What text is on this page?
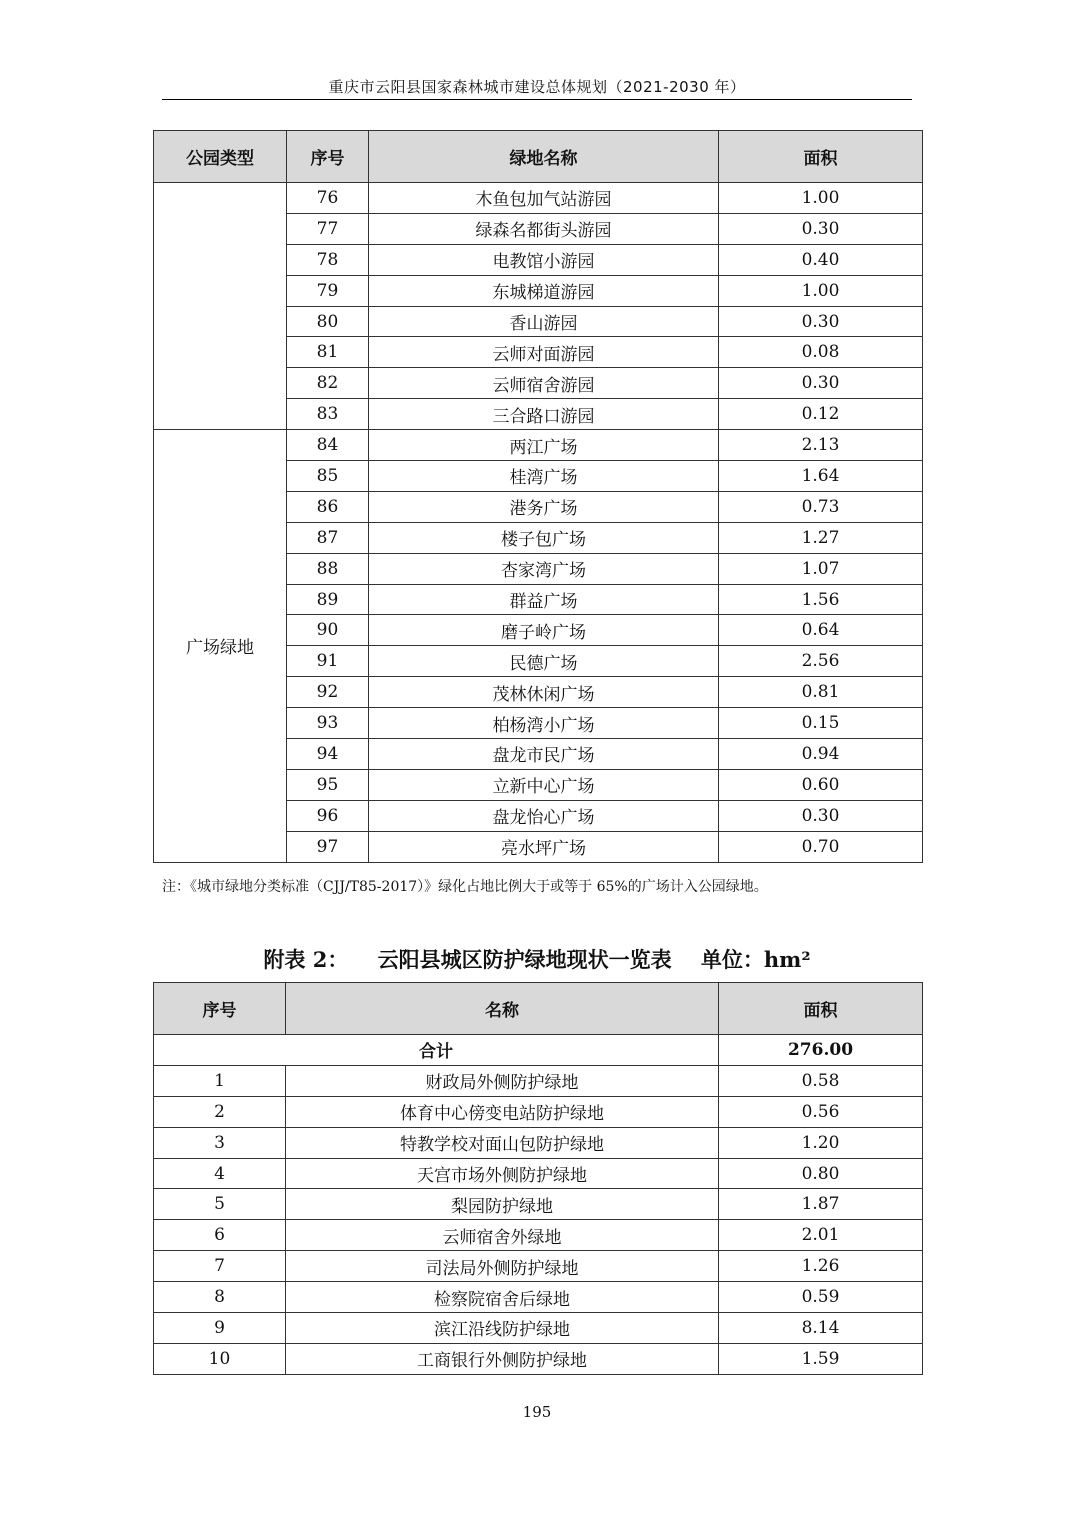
重庆市云阳县国家森林城市建设总体规划（2021-2030 年）
公园类型	序号	绿地名称	面积
	76	木鱼包加气站游园	1.00
	77	绿森名都街头游园	0.30
	78	电教馆小游园	0.40
	79	东城梯道游园	1.00
	80	香山游园	0.30
	81	云师对面游园	0.08
	82	云师宿舍游园	0.30
	83	三合路口游园	0.12
广场绿地	84	两江广场	2.13
	85	桂湾广场	1.64
	86	港务广场	0.73
	87	楼子包广场	1.27
	88	杏家湾广场	1.07
	89	群益广场	1.56
	90	磨子岭广场	0.64
	91	民德广场	2.56
	92	茂林休闲广场	0.81
	93	柏杨湾小广场	0.15
	94	盘龙市民广场	0.94
	95	立新中心广场	0.60
	96	盘龙怡心广场	0.30
	97	亮水坪广场	0.70
注：《城市绿地分类标准（CJJ/T85-2017）》绿化占地比例大于或等于 65%的广场计入公园绿地。
附表 2：    云阳县城区防护绿地现状一览表    单位：hm²
序号	名称	面积
合计		276.00
1	财政局外侧防护绿地	0.58
2	体育中心傍变电站防护绿地	0.56
3	特教学校对面山包防护绿地	1.20
4	天宫市场外侧防护绿地	0.80
5	梨园防护绿地	1.87
6	云师宿舍外绿地	2.01
7	司法局外侧防护绿地	1.26
8	检察院宿舍后绿地	0.59
9	滨江沿线防护绿地	8.14
10	工商银行外侧防护绿地	1.59
195
